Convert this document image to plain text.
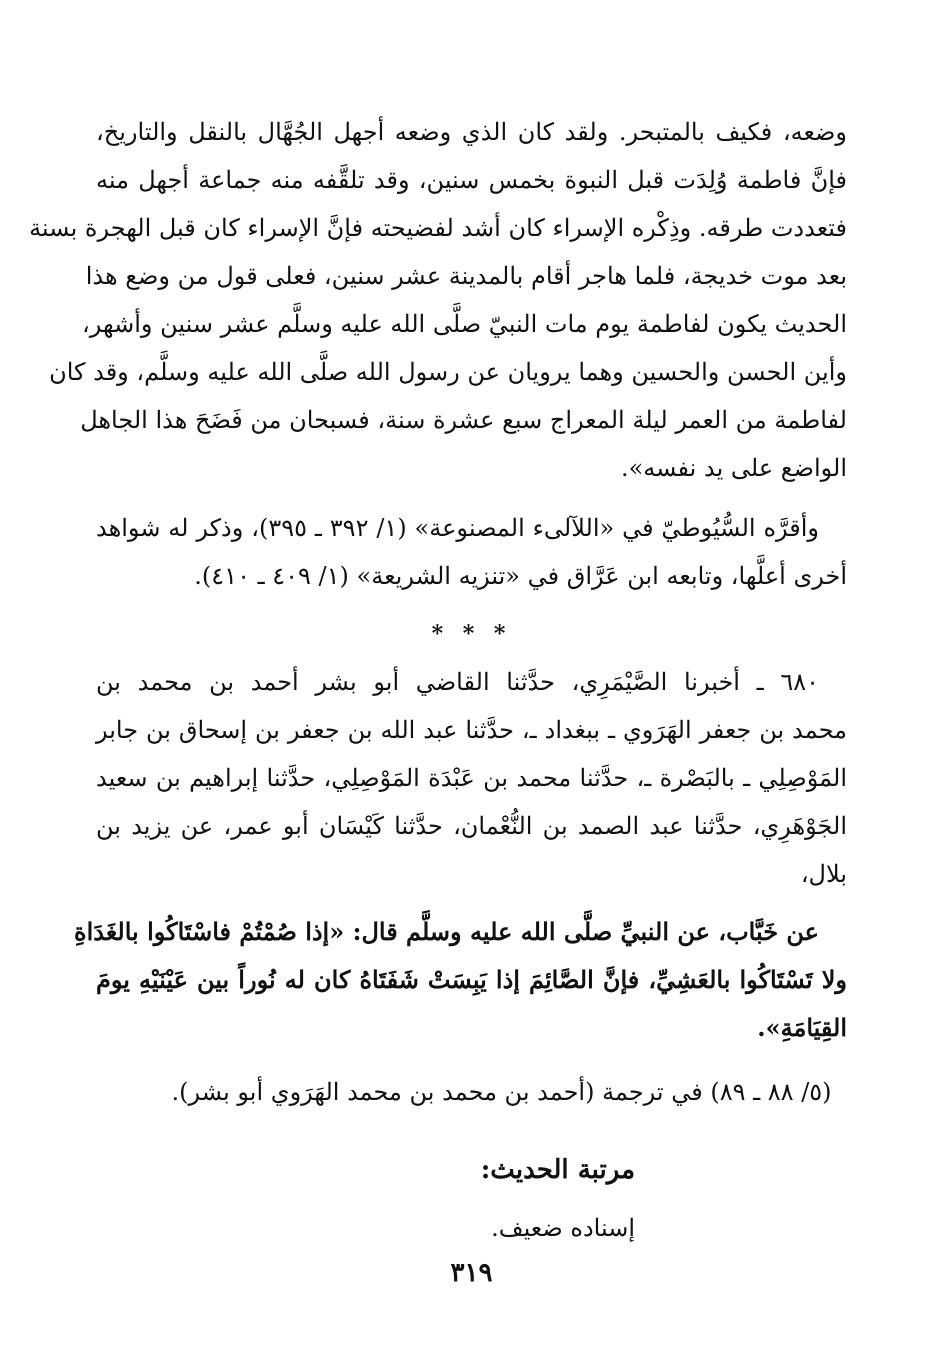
وضعه، فكيف بالمتبحر. ولقد كان الذي وضعه أجهل الجُهَّال بالنقل والتاريخ،
فإنَّ فاطمة وُلِدَت قبل النبوة بخمس سنين، وقد تلقَّفه منه جماعة أجهل منه
فتعددت طرقه. وذِكْره الإسراء كان أشد لفضيحته فإنَّ الإسراء كان قبل الهجرة بسنة
بعد موت خديجة، فلما هاجر أقام بالمدينة عشر سنين، فعلى قول من وضع هذا
الحديث يكون لفاطمة يوم مات النبيّ صلَّى الله عليه وسلَّم عشر سنين وأشهر،
وأين الحسن والحسين وهما يرويان عن رسول الله صلَّى الله عليه وسلَّم، وقد كان
لفاطمة من العمر ليلة المعراج سبع عشرة سنة، فسبحان من فَضَحَ هذا الجاهل
الواضع على يد نفسه».

وأقرَّه السُّيُوطيّ في «اللآلىء المصنوعة» (١/ ٣٩٢ ـ ٣٩٥)، وذكر له شواهد
أخرى أعلَّها، وتابعه ابن عَرَّاق في «تنزيه الشريعة» (١/ ٤٠٩ ـ ٤١٠).

* * *

٦٨٠ ـ أخبرنا الصَّيْمَرِي، حدَّثنا القاضي أبو بشر أحمد بن محمد بن
محمد بن جعفر الهَرَوي ـ ببغداد ـ، حدَّثنا عبد الله بن جعفر بن إسحاق بن جابر
المَوْصِلِي ـ بالبَصْرة ـ، حدَّثنا محمد بن عَبْدَة المَوْصِلِي، حدَّثنا إبراهيم بن سعيد
الجَوْهَرِي، حدَّثنا عبد الصمد بن النُّعْمان، حدَّثنا كَيْسَان أبو عمر، عن يزيد بن
بلال،

عن خَبَّاب، عن النبيِّ صلَّى الله عليه وسلَّم قال: «إذا صُمْتُمْ فاسْتَاكُوا بالغَدَاةِ
ولا تَسْتَاكُوا بالعَشِيِّ، فإنَّ الصَّائِمَ إذا يَبِسَتْ شَفَتَاهُ كان له نُوراً بين عَيْنَيْهِ يومَ
القِيَامَةِ».

(٥/ ٨٨ ـ ٨٩) في ترجمة (أحمد بن محمد بن محمد الهَرَوي أبو بشر).

مرتبة الحديث:
إسناده ضعيف.
٣١٩
